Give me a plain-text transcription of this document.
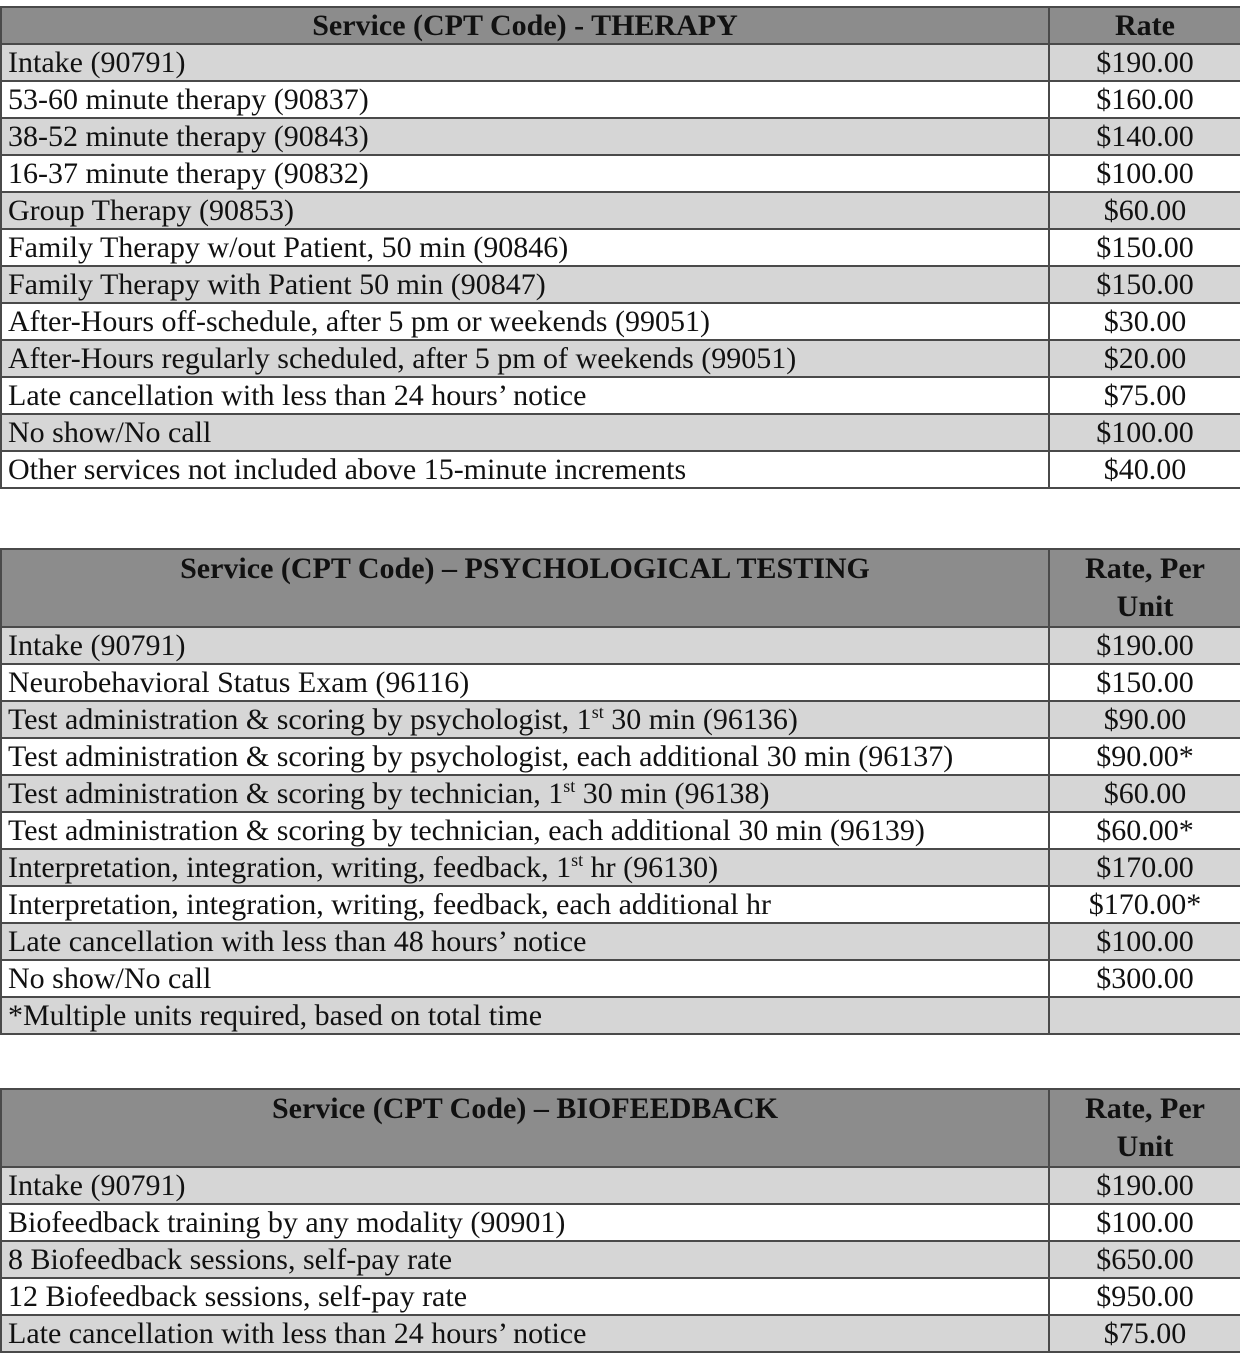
Service (CPT Code) - THERAPY	Rate
Intake (90791)	$190.00
53-60 minute therapy (90837)	$160.00
38-52 minute therapy (90843)	$140.00
16-37 minute therapy (90832)	$100.00
Group Therapy (90853)	$60.00
Family Therapy w/out Patient, 50 min (90846)	$150.00
Family Therapy with Patient 50 min (90847)	$150.00
After-Hours off-schedule, after 5 pm or weekends (99051)	$30.00
After-Hours regularly scheduled, after 5 pm of weekends (99051)	$20.00
Late cancellation with less than 24 hours’ notice	$75.00
No show/No call	$100.00
Other services not included above 15-minute increments	$40.00
Service (CPT Code) – PSYCHOLOGICAL TESTING	Rate, Per Unit
Intake (90791)	$190.00
Neurobehavioral Status Exam (96116)	$150.00
Test administration & scoring by psychologist, 1st 30 min (96136)	$90.00
Test administration & scoring by psychologist, each additional 30 min (96137)	$90.00*
Test administration & scoring by technician, 1st 30 min (96138)	$60.00
Test administration & scoring by technician, each additional 30 min (96139)	$60.00*
Interpretation, integration, writing, feedback, 1st hr (96130)	$170.00
Interpretation, integration, writing, feedback, each additional hr	$170.00*
Late cancellation with less than 48 hours’ notice	$100.00
No show/No call	$300.00
*Multiple units required, based on total time	
Service (CPT Code) – BIOFEEDBACK	Rate, Per Unit
Intake (90791)	$190.00
Biofeedback training by any modality (90901)	$100.00
8 Biofeedback sessions, self-pay rate	$650.00
12 Biofeedback sessions, self-pay rate	$950.00
Late cancellation with less than 24 hours’ notice	$75.00
